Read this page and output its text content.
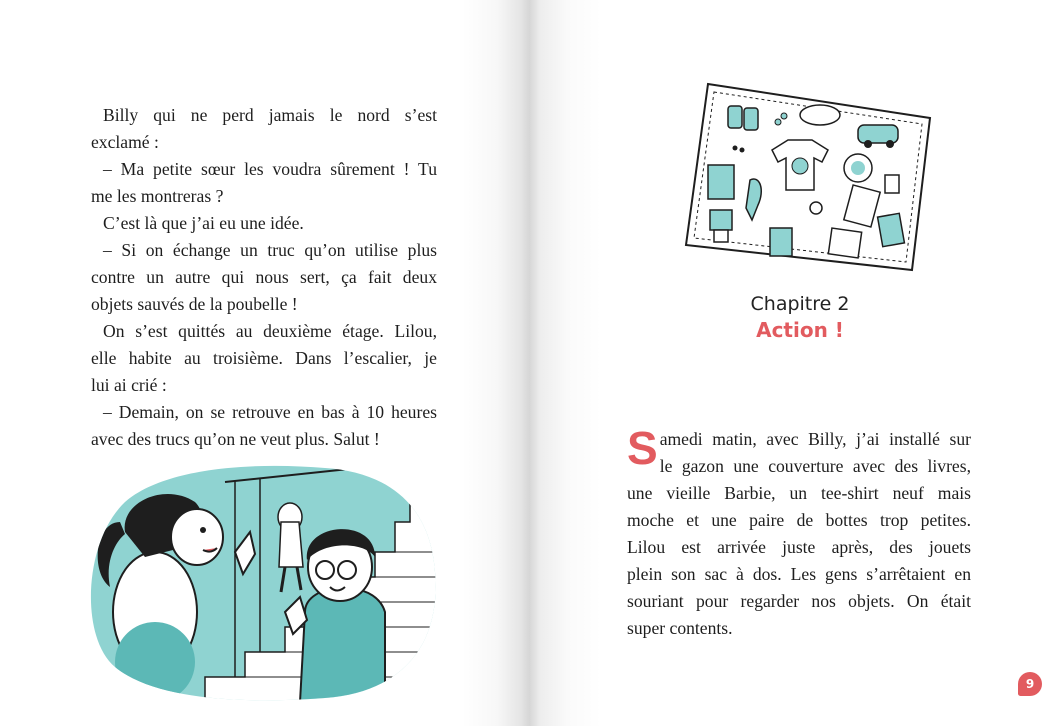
Billy qui ne perd jamais le nord s’est
exclamé :
– Ma petite sœur les voudra sûrement ! Tu
me les montreras ?
C’est là que j’ai eu une idée.
– Si on échange un truc qu’on utilise plus
contre un autre qui nous sert, ça fait deux
objets sauvés de la poubelle !
On s’est quittés au deuxième étage. Lilou,
elle habite au troisième. Dans l’escalier, je
lui ai crié :
– Demain, on se retrouve en bas à 10 heures
avec des trucs qu’on ne veut plus. Salut !
Chapitre 2
Action !
S amedi matin, avec Billy, j’ai installé sur
le gazon une couverture avec des livres,
une vieille Barbie, un tee-shirt neuf mais
moche et une paire de bottes trop petites.
Lilou est arrivée juste après, des jouets
plein son sac à dos. Les gens s’arrêtaient en
souriant pour regarder nos objets. On était
super contents.
9
